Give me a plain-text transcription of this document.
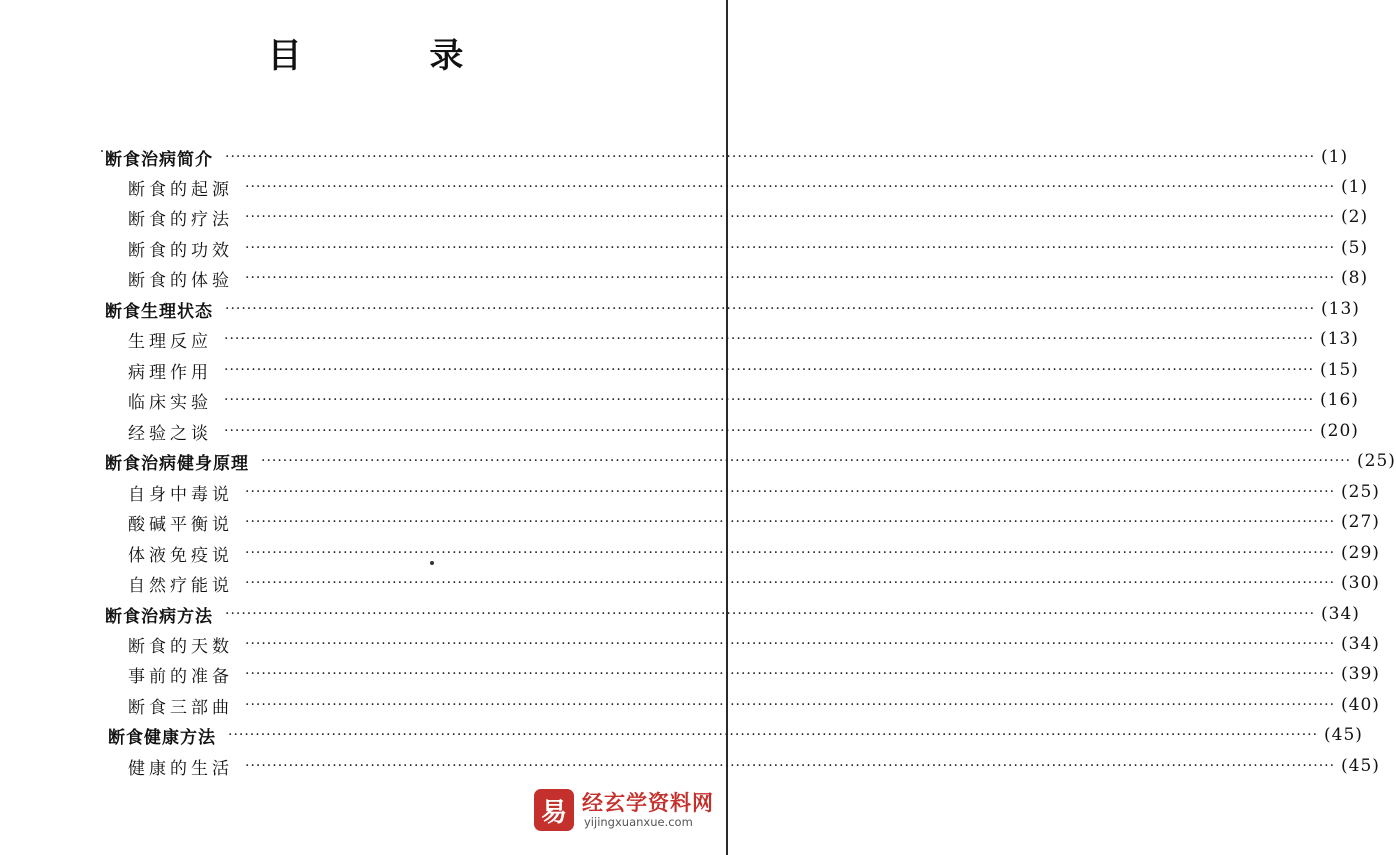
目 录
断食治病简介 ········································································································································································································ (1)
断食的起源 ········································································································································································································ (1)
断食的疗法 ········································································································································································································ (2)
断食的功效 ········································································································································································································ (5)
断食的体验 ········································································································································································································ (8)
断食生理状态 ········································································································································································································ (13)
生理反应 ········································································································································································································ (13)
病理作用 ········································································································································································································ (15)
临床实验 ········································································································································································································ (16)
经验之谈 ········································································································································································································ (20)
断食治病健身原理 ········································································································································································································ (25)
自身中毒说 ········································································································································································································ (25)
酸碱平衡说 ········································································································································································································ (27)
体液免疫说 ········································································································································································································ (29)
自然疗能说 ········································································································································································································ (30)
断食治病方法 ········································································································································································································ (34)
断食的天数 ········································································································································································································ (34)
事前的准备 ········································································································································································································ (39)
断食三部曲 ········································································································································································································ (40)
断食健康方法 ········································································································································································································ (45)
健康的生活 ········································································································································································································ (45)
易 经玄学资料网
yijingxuanxue.com
